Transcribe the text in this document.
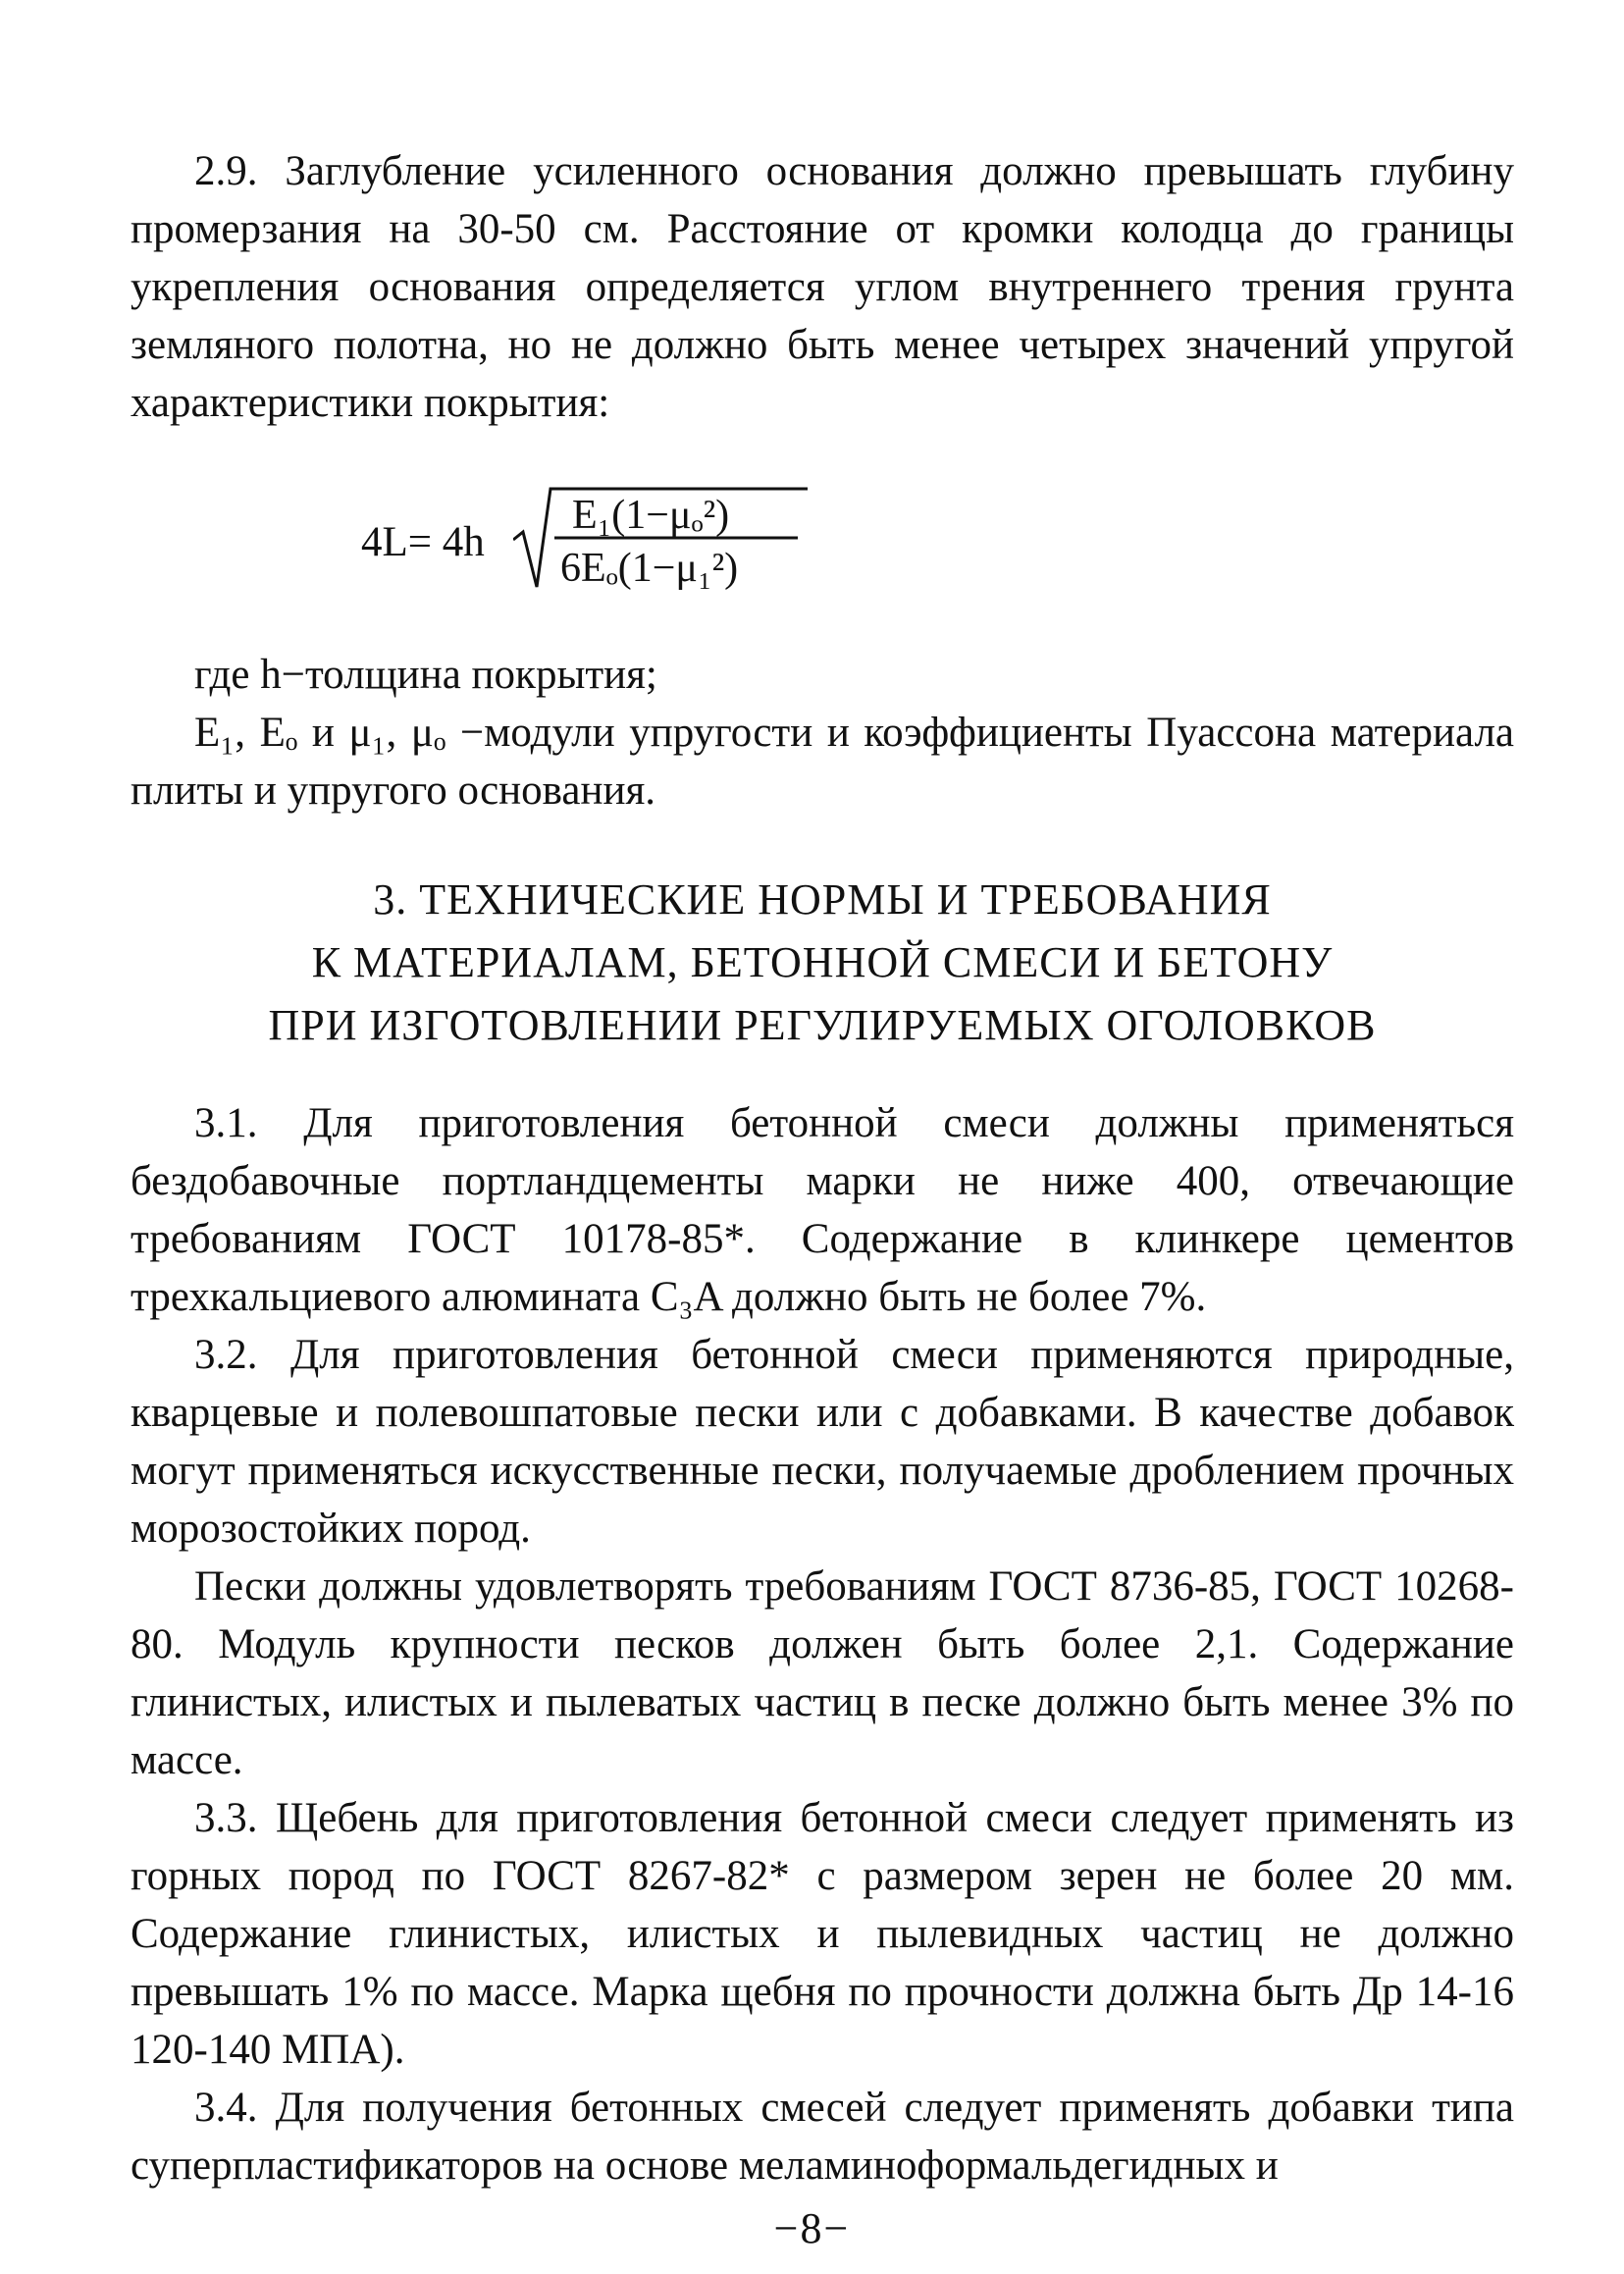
2.9. Заглубление усиленного основания должно превышать глубину промерзания на 30-50 см. Расстояние от кромки колодца до границы укрепления основания определяется углом внутреннего трения грунта земляного полотна, но не должно быть менее четырех значений упругой характеристики покрытия:

4L= 4h
E₁(1−μₒ²)
6Eₒ(1−μ₁²)

где h−толщина покрытия;

E₁, Eₒ и μ₁, μₒ −модули упругости и коэффициенты Пуассона материала плиты и упругого основания.

3. ТЕХНИЧЕСКИЕ НОРМЫ И ТРЕБОВАНИЯ
К МАТЕРИАЛАМ, БЕТОННОЙ СМЕСИ И БЕТОНУ
ПРИ ИЗГОТОВЛЕНИИ РЕГУЛИРУЕМЫХ ОГОЛОВКОВ

3.1. Для приготовления бетонной смеси должны применяться бездобавочные портландцементы марки не ниже 400, отвечающие требованиям ГОСТ 10178-85*. Содержание в клинкере цементов трехкальциевого алюмината C₃A должно быть не более 7%.

3.2. Для приготовления бетонной смеси применяются природные, кварцевые и полевошпатовые пески или с добавками. В качестве добавок могут применяться искусственные пески, получаемые дроблением прочных морозостойких пород.

Пески должны удовлетворять требованиям ГОСТ 8736-85, ГОСТ 10268-80. Модуль крупности песков должен быть более 2,1. Содержание глинистых, илистых и пылеватых частиц в песке должно быть менее 3% по массе.

3.3. Щебень для приготовления бетонной смеси следует применять из горных пород по ГОСТ 8267-82* с размером зерен не более 20 мм. Содержание глинистых, илистых и пылевидных частиц не должно превышать 1% по массе. Марка щебня по прочности должна быть Др 14-16 120-140 МПА).

3.4. Для получения бетонных смесей следует применять добавки типа суперпластификаторов на основе меламиноформальдегидных и

−8−
